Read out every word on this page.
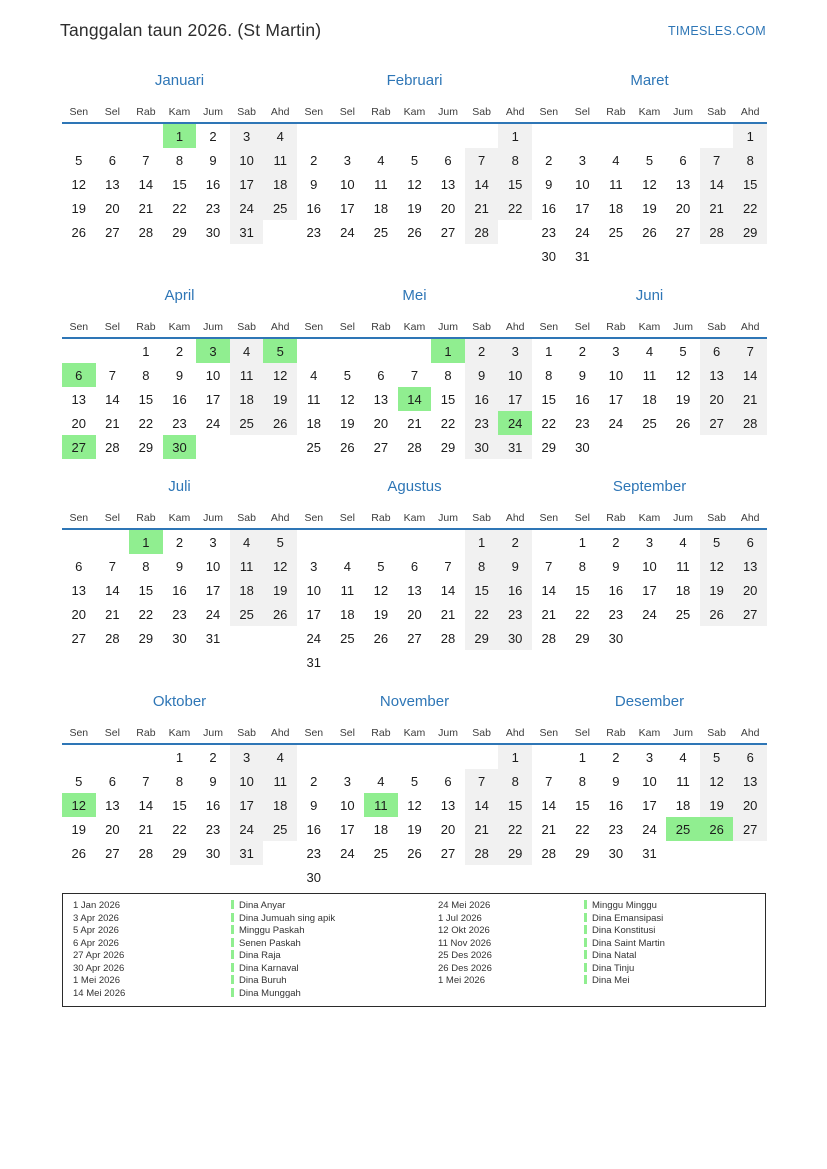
Tanggalan taun 2026. (St Martin)	TIMESLES.COM
Januari
Sen	Sel	Rab	Kam	Jum	Sab	Ahd
			1	2	3	4
5	6	7	8	9	10	11
12	13	14	15	16	17	18
19	20	21	22	23	24	25
26	27	28	29	30	31	
Februari
Sen	Sel	Rab	Kam	Jum	Sab	Ahd
						1
2	3	4	5	6	7	8
9	10	11	12	13	14	15
16	17	18	19	20	21	22
23	24	25	26	27	28	
Maret
Sen	Sel	Rab	Kam	Jum	Sab	Ahd
						1
2	3	4	5	6	7	8
9	10	11	12	13	14	15
16	17	18	19	20	21	22
23	24	25	26	27	28	29
30	31					
April
Sen	Sel	Rab	Kam	Jum	Sab	Ahd
		1	2	3	4	5
6	7	8	9	10	11	12
13	14	15	16	17	18	19
20	21	22	23	24	25	26
27	28	29	30			
Mei
Sen	Sel	Rab	Kam	Jum	Sab	Ahd
				1	2	3
4	5	6	7	8	9	10
11	12	13	14	15	16	17
18	19	20	21	22	23	24
25	26	27	28	29	30	31
Juni
Sen	Sel	Rab	Kam	Jum	Sab	Ahd
1	2	3	4	5	6	7
8	9	10	11	12	13	14
15	16	17	18	19	20	21
22	23	24	25	26	27	28
29	30					
Juli
Sen	Sel	Rab	Kam	Jum	Sab	Ahd
		1	2	3	4	5
6	7	8	9	10	11	12
13	14	15	16	17	18	19
20	21	22	23	24	25	26
27	28	29	30	31		
Agustus
Sen	Sel	Rab	Kam	Jum	Sab	Ahd
					1	2
3	4	5	6	7	8	9
10	11	12	13	14	15	16
17	18	19	20	21	22	23
24	25	26	27	28	29	30
31						
September
Sen	Sel	Rab	Kam	Jum	Sab	Ahd
	1	2	3	4	5	6
7	8	9	10	11	12	13
14	15	16	17	18	19	20
21	22	23	24	25	26	27
28	29	30				
Oktober
Sen	Sel	Rab	Kam	Jum	Sab	Ahd
			1	2	3	4
5	6	7	8	9	10	11
12	13	14	15	16	17	18
19	20	21	22	23	24	25
26	27	28	29	30	31	
November
Sen	Sel	Rab	Kam	Jum	Sab	Ahd
						1
2	3	4	5	6	7	8
9	10	11	12	13	14	15
16	17	18	19	20	21	22
23	24	25	26	27	28	29
30						
Desember
Sen	Sel	Rab	Kam	Jum	Sab	Ahd
	1	2	3	4	5	6
7	8	9	10	11	12	13
14	15	16	17	18	19	20
21	22	23	24	25	26	27
28	29	30	31			
1 Jan 2026	Dina Anyar	24 Mei 2026	Minggu Minggu
3 Apr 2026	Dina Jumuah sing apik	1 Jul 2026	Dina Emansipasi
5 Apr 2026	Minggu Paskah	12 Okt 2026	Dina Konstitusi
6 Apr 2026	Senen Paskah	11 Nov 2026	Dina Saint Martin
27 Apr 2026	Dina Raja	25 Des 2026	Dina Natal
30 Apr 2026	Dina Karnaval	26 Des 2026	Dina Tinju
1 Mei 2026	Dina Buruh	1 Mei 2026	Dina Mei
14 Mei 2026	Dina Munggah
